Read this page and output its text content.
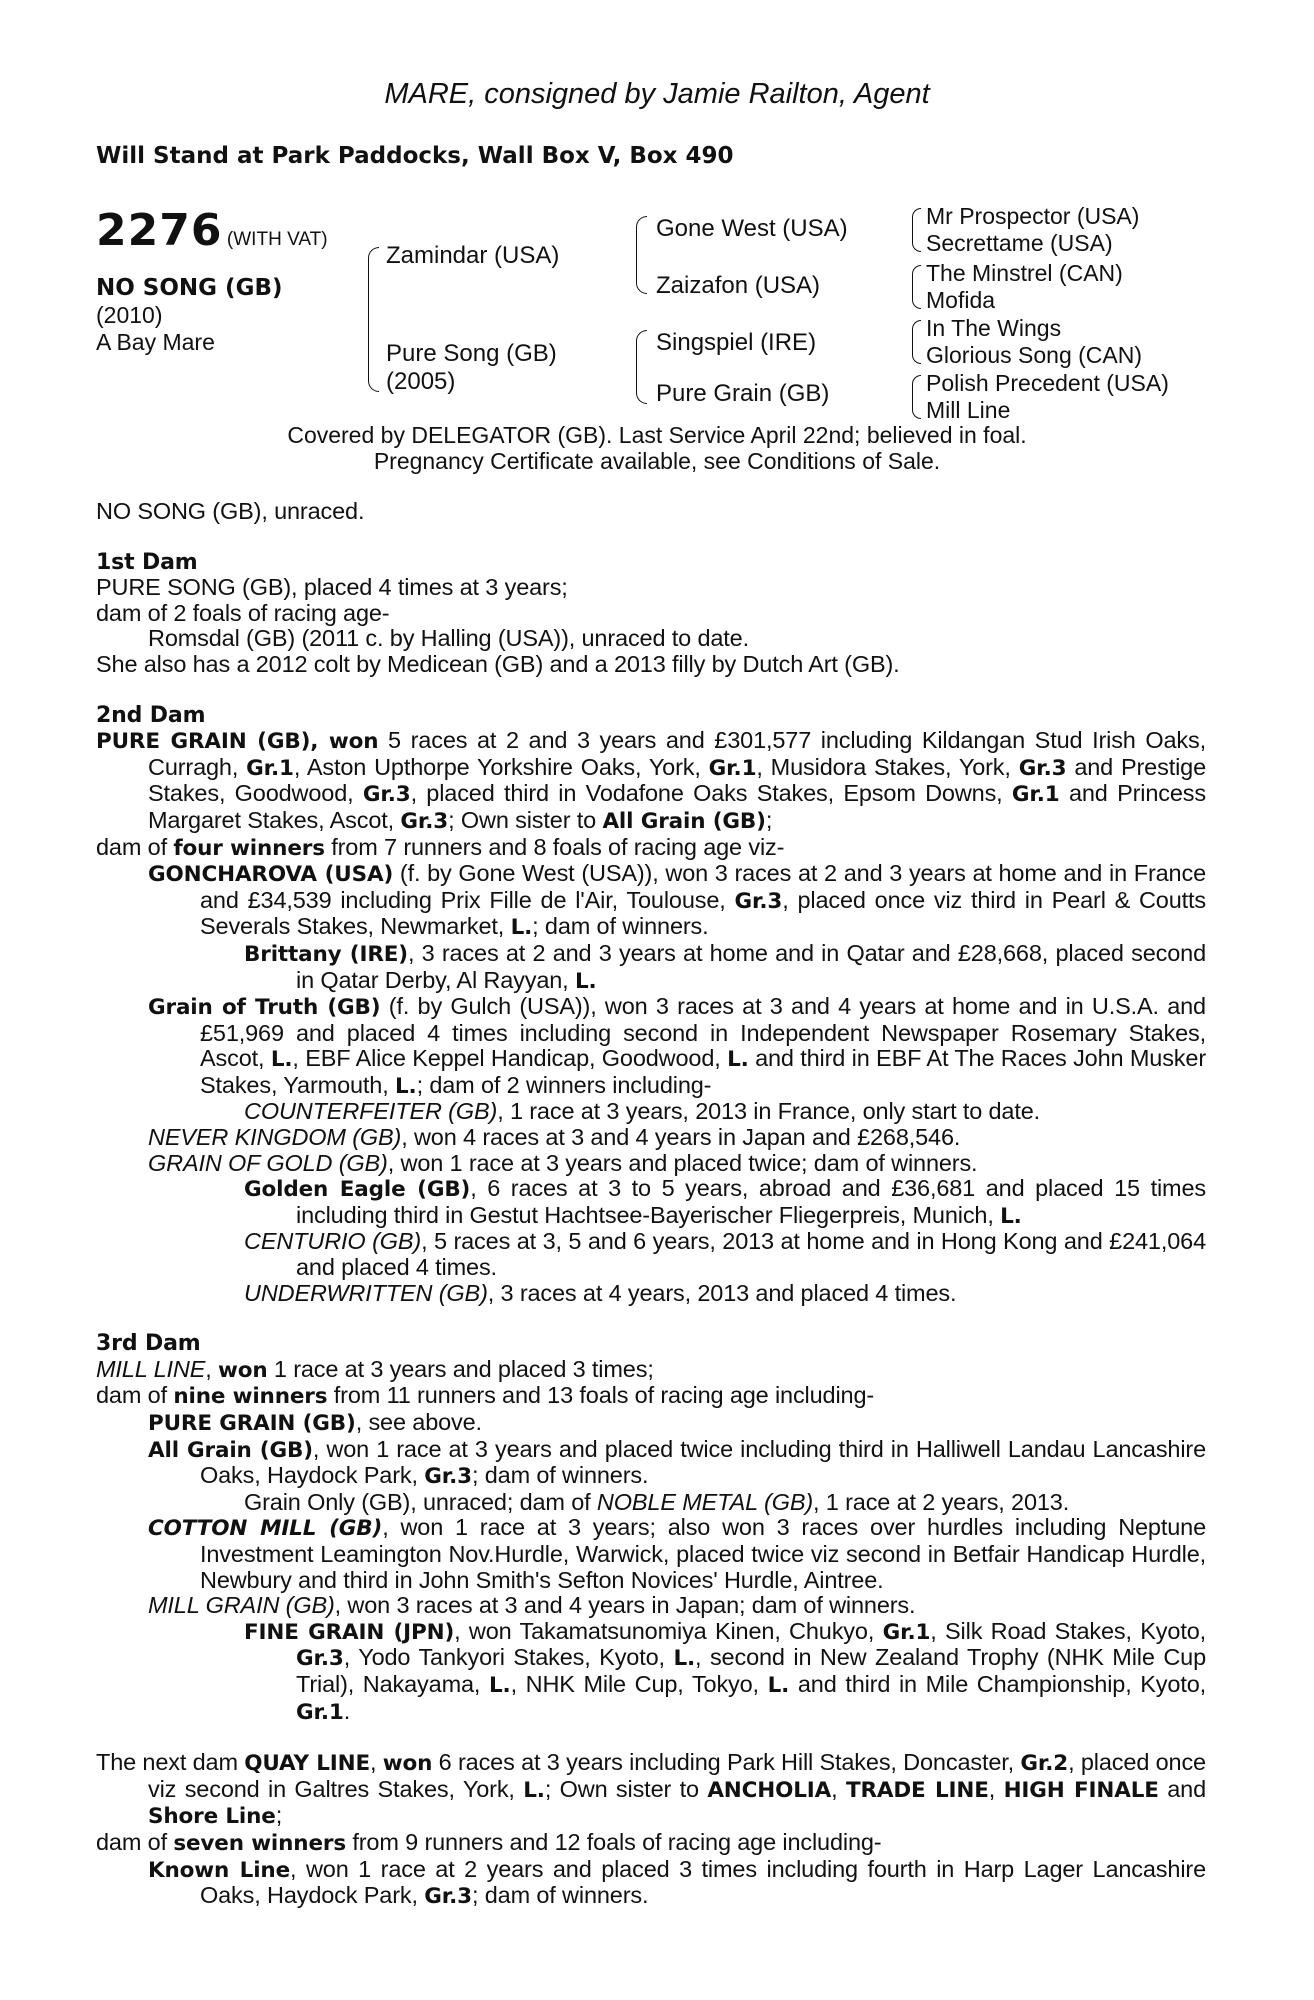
MARE, consigned by Jamie Railton, Agent
Will Stand at Park Paddocks, Wall Box V, Box 490
2276 (WITH VAT)
NO SONG (GB)
(2010)
A Bay Mare
Zamindar (USA)
Pure Song (GB)
(2005)
Gone West (USA)
Zaizafon (USA)
Singspiel (IRE)
Pure Grain (GB)
Mr Prospector (USA)
Secrettame (USA)
The Minstrel (CAN)
Mofida
In The Wings
Glorious Song (CAN)
Polish Precedent (USA)
Mill Line
Covered by DELEGATOR (GB). Last Service April 22nd; believed in foal.
Pregnancy Certificate available, see Conditions of Sale.

NO SONG (GB), unraced.

1st Dam

PURE SONG (GB), placed 4 times at 3 years;

dam of 2 foals of racing age-

Romsdal (GB) (2011 c. by Halling (USA)), unraced to date.

She also has a 2012 colt by Medicean (GB) and a 2013 filly by Dutch Art (GB).

2nd Dam

PURE GRAIN (GB), won 5 races at 2 and 3 years and £301,577 including Kildangan Stud Irish Oaks, Curragh, Gr.1, Aston Upthorpe Yorkshire Oaks, York, Gr.1, Musidora Stakes, York, Gr.3 and Prestige Stakes, Goodwood, Gr.3, placed third in Vodafone Oaks Stakes, Epsom Downs, Gr.1 and Princess Margaret Stakes, Ascot, Gr.3; Own sister to All Grain (GB);

dam of four winners from 7 runners and 8 foals of racing age viz-

GONCHAROVA (USA) (f. by Gone West (USA)), won 3 races at 2 and 3 years at home and in France and £34,539 including Prix Fille de l'Air, Toulouse, Gr.3, placed once viz third in Pearl & Coutts Severals Stakes, Newmarket, L.; dam of winners.

Brittany (IRE), 3 races at 2 and 3 years at home and in Qatar and £28,668, placed second in Qatar Derby, Al Rayyan, L.

Grain of Truth (GB) (f. by Gulch (USA)), won 3 races at 3 and 4 years at home and in U.S.A. and £51,969 and placed 4 times including second in Independent Newspaper Rosemary Stakes, Ascot, L., EBF Alice Keppel Handicap, Goodwood, L. and third in EBF At The Races John Musker Stakes, Yarmouth, L.; dam of 2 winners including-

COUNTERFEITER (GB), 1 race at 3 years, 2013 in France, only start to date.

NEVER KINGDOM (GB), won 4 races at 3 and 4 years in Japan and £268,546.

GRAIN OF GOLD (GB), won 1 race at 3 years and placed twice; dam of winners.

Golden Eagle (GB), 6 races at 3 to 5 years, abroad and £36,681 and placed 15 times including third in Gestut Hachtsee-Bayerischer Fliegerpreis, Munich, L.

CENTURIO (GB), 5 races at 3, 5 and 6 years, 2013 at home and in Hong Kong and £241,064 and placed 4 times.

UNDERWRITTEN (GB), 3 races at 4 years, 2013 and placed 4 times.

3rd Dam

MILL LINE, won 1 race at 3 years and placed 3 times;

dam of nine winners from 11 runners and 13 foals of racing age including-

PURE GRAIN (GB), see above.

All Grain (GB), won 1 race at 3 years and placed twice including third in Halliwell Landau Lancashire Oaks, Haydock Park, Gr.3; dam of winners.

Grain Only (GB), unraced; dam of NOBLE METAL (GB), 1 race at 2 years, 2013.

COTTON MILL (GB), won 1 race at 3 years; also won 3 races over hurdles including Neptune Investment Leamington Nov.Hurdle, Warwick, placed twice viz second in Betfair Handicap Hurdle, Newbury and third in John Smith's Sefton Novices' Hurdle, Aintree.

MILL GRAIN (GB), won 3 races at 3 and 4 years in Japan; dam of winners.

FINE GRAIN (JPN), won Takamatsunomiya Kinen, Chukyo, Gr.1, Silk Road Stakes, Kyoto, Gr.3, Yodo Tankyori Stakes, Kyoto, L., second in New Zealand Trophy (NHK Mile Cup Trial), Nakayama, L., NHK Mile Cup, Tokyo, L. and third in Mile Championship, Kyoto, Gr.1.

The next dam QUAY LINE, won 6 races at 3 years including Park Hill Stakes, Doncaster, Gr.2, placed once viz second in Galtres Stakes, York, L.; Own sister to ANCHOLIA, TRADE LINE, HIGH FINALE and Shore Line;

dam of seven winners from 9 runners and 12 foals of racing age including-

Known Line, won 1 race at 2 years and placed 3 times including fourth in Harp Lager Lancashire Oaks, Haydock Park, Gr.3; dam of winners.
